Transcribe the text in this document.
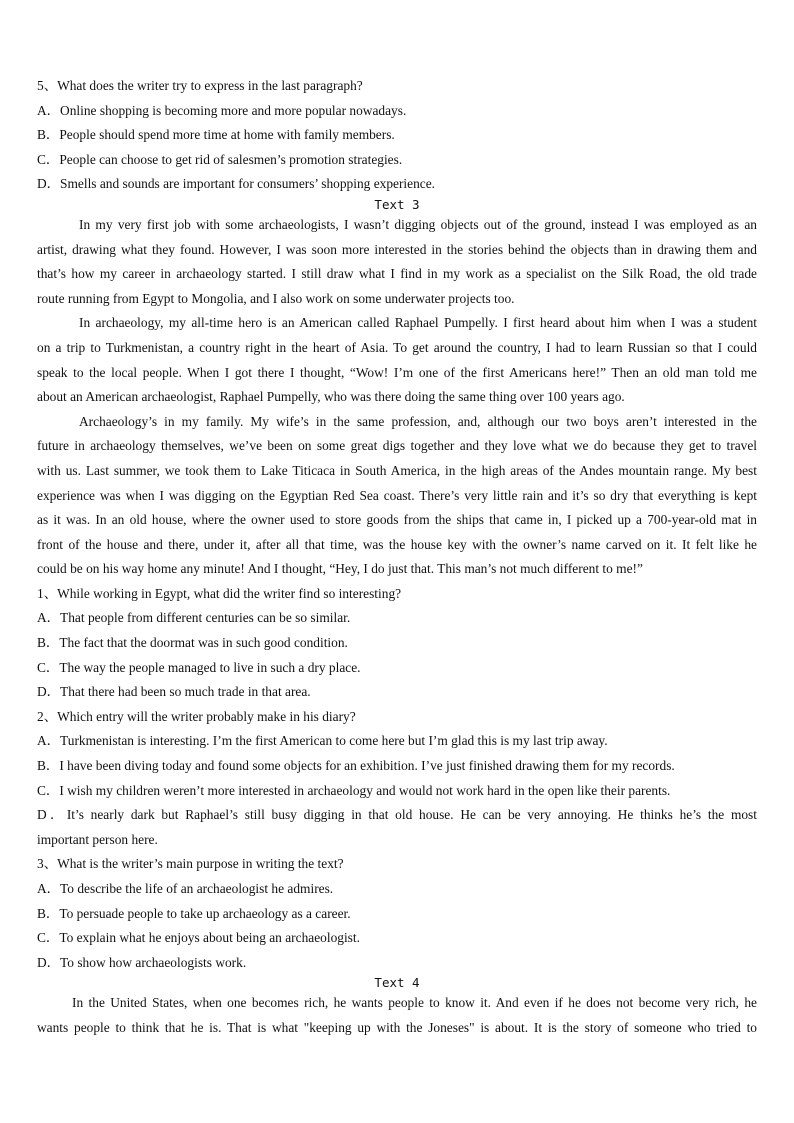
5、What does the writer try to express in the last paragraph?
A．Online shopping is becoming more and more popular nowadays.
B．People should spend more time at home with family members.
C．People can choose to get rid of salesmen’s promotion strategies.
D．Smells and sounds are important for consumers’ shopping experience.
Text 3
In my very first job with some archaeologists, I wasn’t digging objects out of the ground, instead I was employed as an
artist, drawing what they found. However, I was soon more interested in the stories behind the objects than in drawing them and
that’s how my career in archaeology started. I still draw what I find in my work as a specialist on the Silk Road, the old trade
route running from Egypt to Mongolia, and I also work on some underwater projects too.
In archaeology, my all-time hero is an American called Raphael Pumpelly. I first heard about him when I was a student
on a trip to Turkmenistan, a country right in the heart of Asia. To get around the country, I had to learn Russian so that I could
speak to the local people. When I got there I thought, “Wow! I’m one of the first Americans here!” Then an old man told me
about an American archaeologist, Raphael Pumpelly, who was there doing the same thing over 100 years ago.
Archaeology’s in my family. My wife’s in the same profession, and, although our two boys aren’t interested in the
future in archaeology themselves, we’ve been on some great digs together and they love what we do because they get to travel
with us. Last summer, we took them to Lake Titicaca in South America, in the high areas of the Andes mountain range. My best
experience was when I was digging on the Egyptian Red Sea coast. There’s very little rain and it’s so dry that everything is kept
as it was. In an old house, where the owner used to store goods from the ships that came in, I picked up a 700-year-old mat in
front of the house and there, under it, after all that time, was the house key with the owner’s name carved on it. It felt like he
could be on his way home any minute! And I thought, “Hey, I do just that. This man’s not much different to me!”
1、While working in Egypt, what did the writer find so interesting?
A．That people from different centuries can be so similar.
B．The fact that the doormat was in such good condition.
C．The way the people managed to live in such a dry place.
D．That there had been so much trade in that area.
2、Which entry will the writer probably make in his diary?
A．Turkmenistan is interesting. I’m the first American to come here but I’m glad this is my last trip away.
B．I have been diving today and found some objects for an exhibition. I’ve just finished drawing them for my records.
C．I wish my children weren’t more interested in archaeology and would not work hard in the open like their parents.
D．It’s nearly dark but Raphael’s still busy digging in that old house. He can be very annoying. He thinks he’s the most
important person here.
3、What is the writer’s main purpose in writing the text?
A．To describe the life of an archaeologist he admires.
B．To persuade people to take up archaeology as a career.
C．To explain what he enjoys about being an archaeologist.
D．To show how archaeologists work.
Text 4
In the United States, when one becomes rich, he wants people to know it. And even if he does not become very rich, he
wants people to think that he is. That is what "keeping up with the Joneses" is about. It is the story of someone who tried to
